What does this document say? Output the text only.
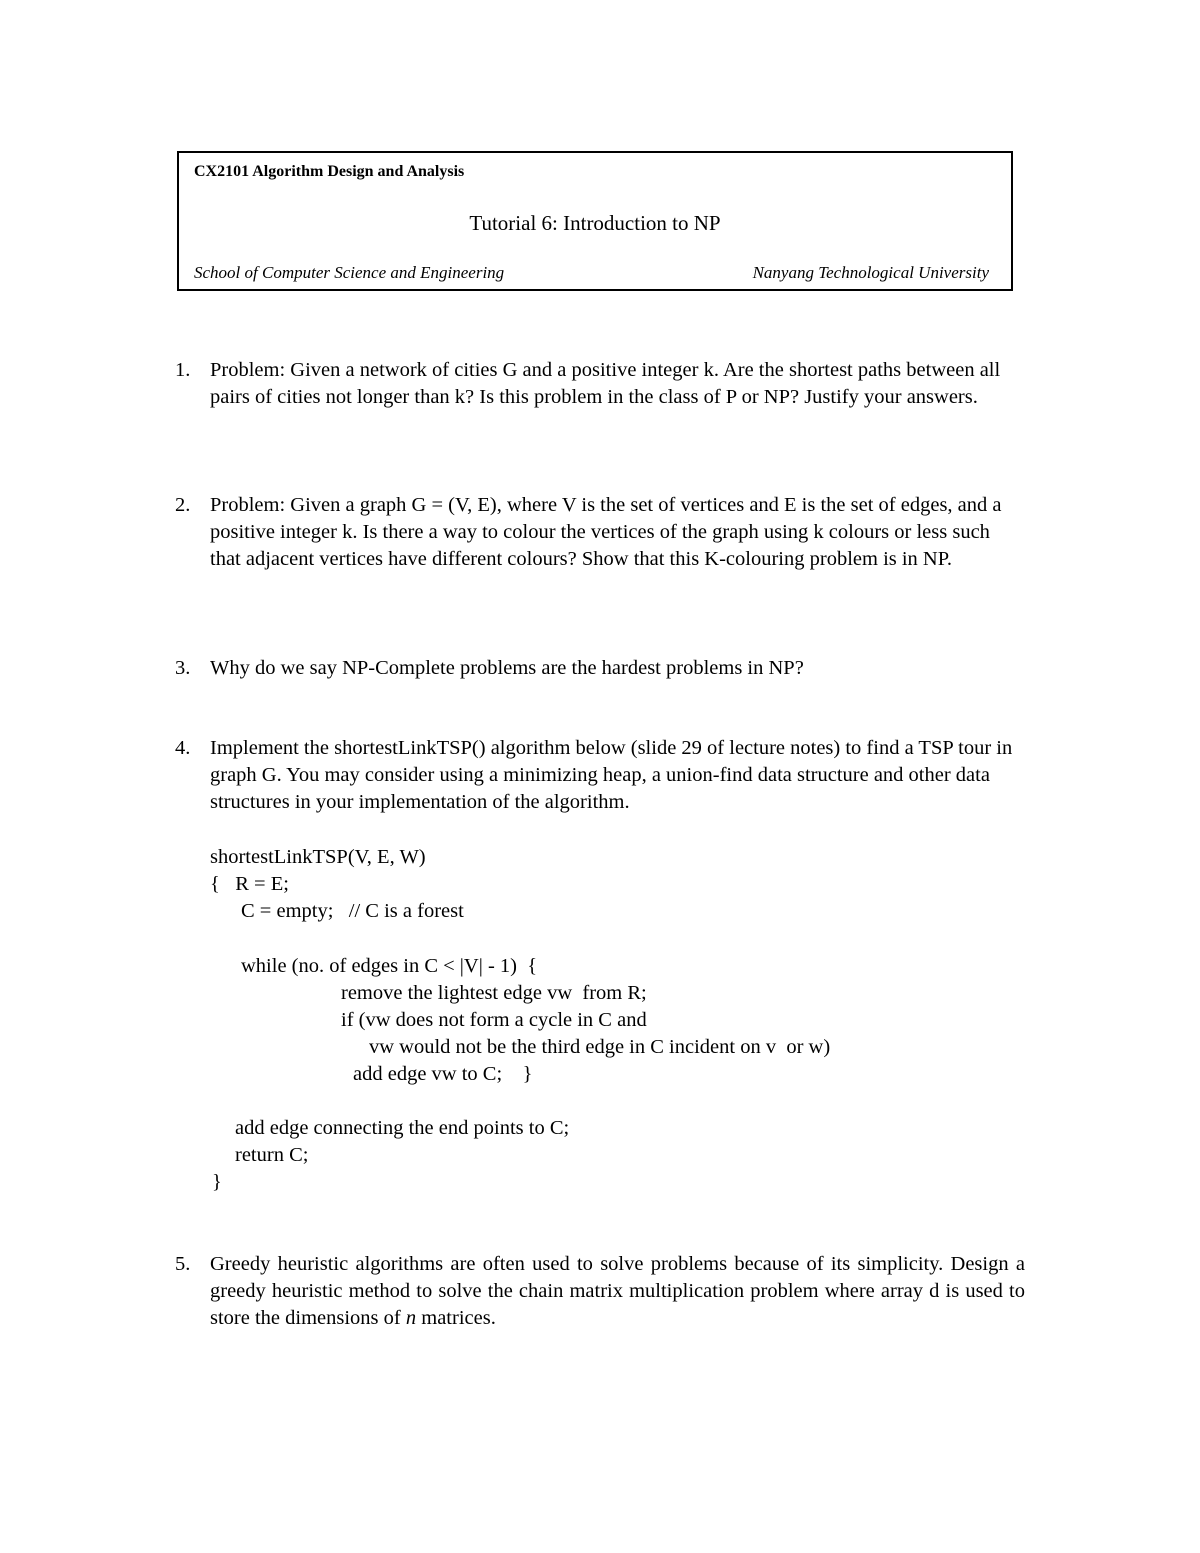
CX2101 Algorithm Design and Analysis
Tutorial 6: Introduction to NP
School of Computer Science and Engineering	Nanyang Technological University
1. Problem: Given a network of cities G and a positive integer k. Are the shortest paths between all pairs of cities not longer than k? Is this problem in the class of P or NP? Justify your answers.
2. Problem: Given a graph G = (V, E), where V is the set of vertices and E is the set of edges, and a positive integer k. Is there a way to colour the vertices of the graph using k colours or less such that adjacent vertices have different colours? Show that this K-colouring problem is in NP.
3. Why do we say NP-Complete problems are the hardest problems in NP?
4. Implement the shortestLinkTSP() algorithm below (slide 29 of lecture notes) to find a TSP tour in graph G. You may consider using a minimizing heap, a union-find data structure and other data structures in your implementation of the algorithm.
shortestLinkTSP(V, E, W)
{   R = E;
C = empty;   // C is a forest
while (no. of edges in C < |V| - 1)  {
remove the lightest edge vw  from R;
if (vw does not form a cycle in C and
vw would not be the third edge in C incident on v  or w)
add edge vw to C;    }
add edge connecting the end points to C;
return C;
}
5. Greedy heuristic algorithms are often used to solve problems because of its simplicity. Design a greedy heuristic method to solve the chain matrix multiplication problem where array d is used to store the dimensions of n matrices.
